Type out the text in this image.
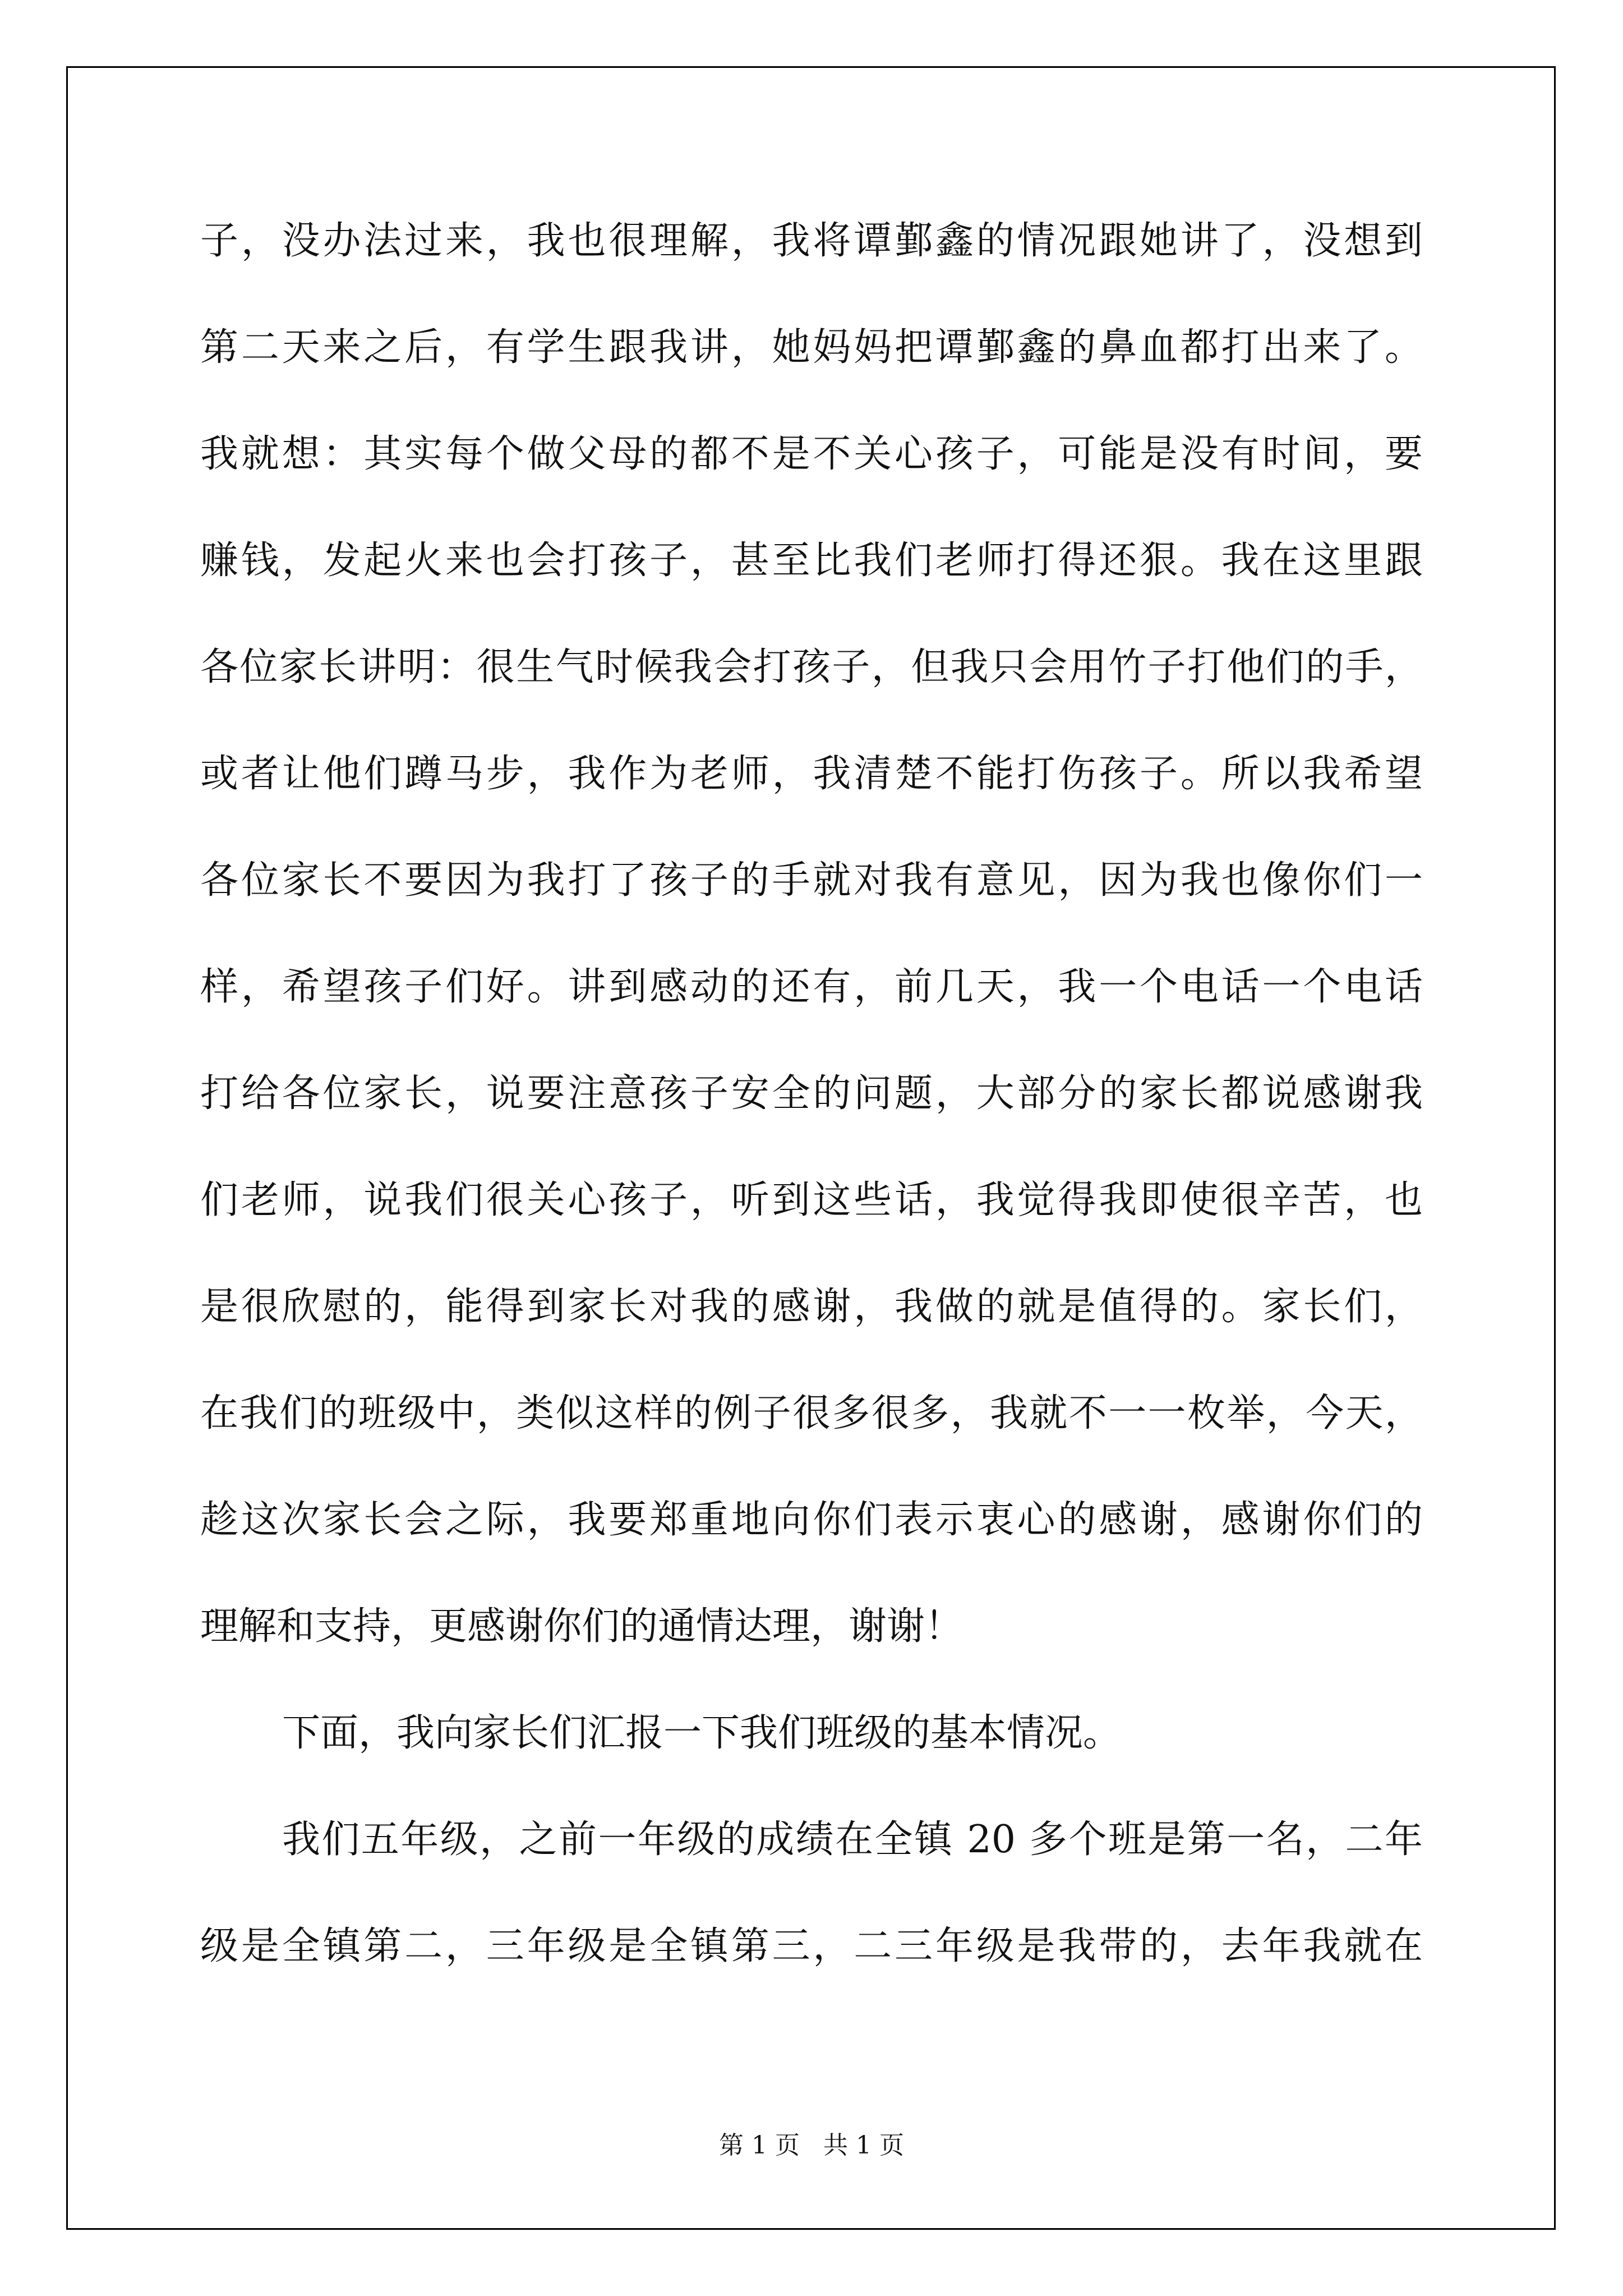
子，没办法过来，我也很理解，我将谭鄞鑫的情况跟她讲了，没想到
第二天来之后，有学生跟我讲，她妈妈把谭鄞鑫的鼻血都打出来了。
我就想：其实每个做父母的都不是不关心孩子，可能是没有时间，要
赚钱，发起火来也会打孩子，甚至比我们老师打得还狠。我在这里跟
各位家长讲明：很生气时候我会打孩子，但我只会用竹子打他们的手，
或者让他们蹲马步，我作为老师，我清楚不能打伤孩子。所以我希望
各位家长不要因为我打了孩子的手就对我有意见，因为我也像你们一
样，希望孩子们好。讲到感动的还有，前几天，我一个电话一个电话
打给各位家长，说要注意孩子安全的问题，大部分的家长都说感谢我
们老师，说我们很关心孩子，听到这些话，我觉得我即使很辛苦，也
是很欣慰的，能得到家长对我的感谢，我做的就是值得的。家长们，
在我们的班级中，类似这样的例子很多很多，我就不一一枚举，今天，
趁这次家长会之际，我要郑重地向你们表示衷心的感谢，感谢你们的
理解和支持，更感谢你们的通情达理，谢谢！
下面，我向家长们汇报一下我们班级的基本情况。
我们五年级，之前一年级的成绩在全镇 20 多个班是第一名，二年
级是全镇第二，三年级是全镇第三，二三年级是我带的，去年我就在
第 1 页   共 1 页
